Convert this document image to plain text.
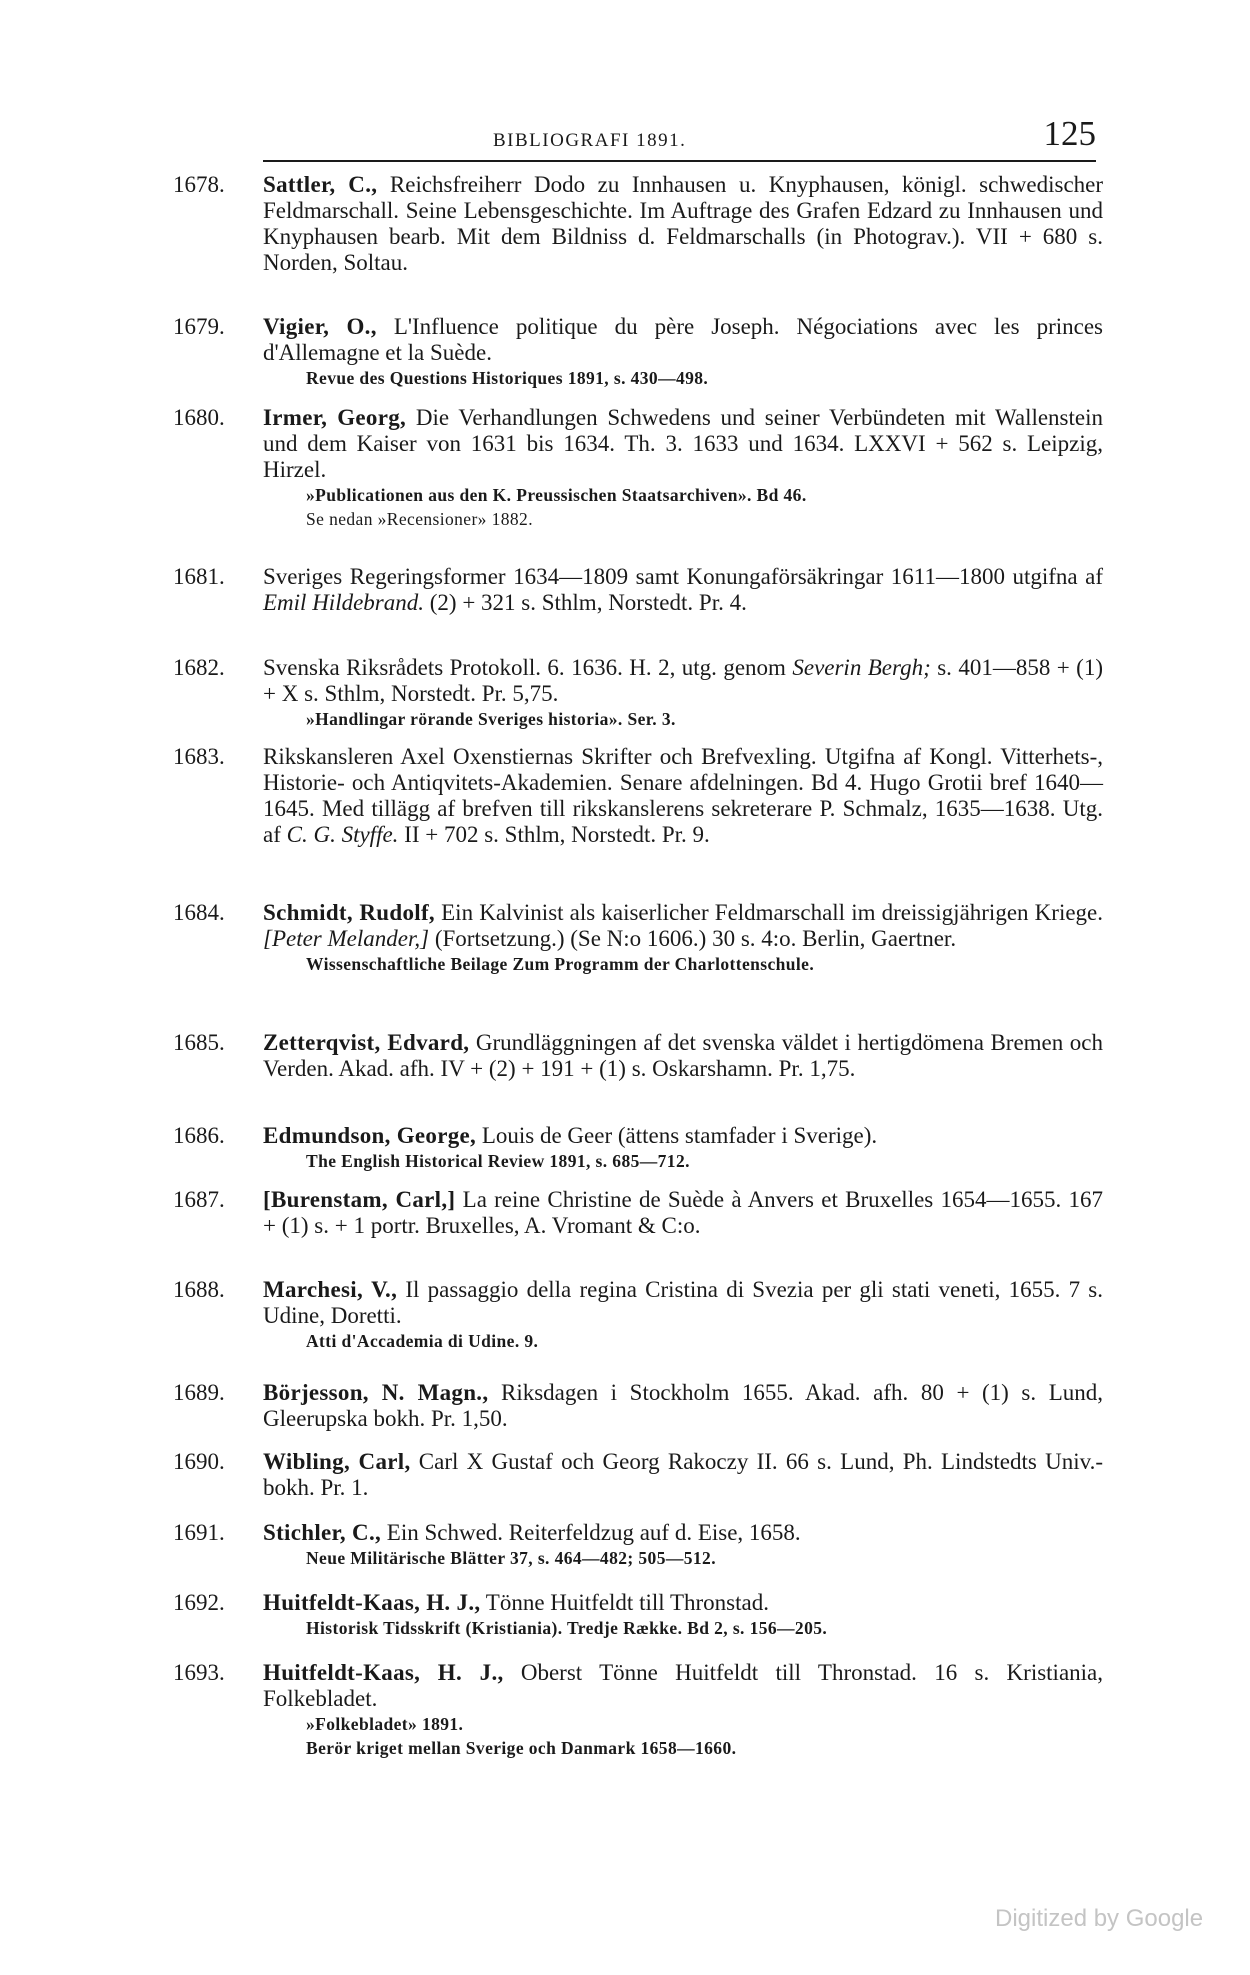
BIBLIOGRAFI 1891.	125
1678.	Sattler, C., Reichsfreiherr Dodo zu Innhausen u. Knyphausen, königl. schwedischer Feldmarschall. Seine Lebensgeschichte. Im Auftrage des Grafen Edzard zu Innhausen und Knyphausen bearb. Mit dem Bildniss d. Feldmarschalls (in Photograv.). VII + 680 s. Norden, Soltau.
1679.	Vigier, O., L'Influence politique du père Joseph. Négociations avec les princes d'Allemagne et la Suède.
Revue des Questions Historiques 1891, s. 430—498.
1680.	Irmer, Georg, Die Verhandlungen Schwedens und seiner Verbündeten mit Wallenstein und dem Kaiser von 1631 bis 1634. Th. 3. 1633 und 1634. LXXVI + 562 s. Leipzig, Hirzel.
»Publicationen aus den K. Preussischen Staatsarchiven». Bd 46.
Se nedan »Recensioner» 1882.
1681.	Sveriges Regeringsformer 1634—1809 samt Konungaförsäkringar 1611—1800 utgifna af Emil Hildebrand. (2) + 321 s. Sthlm, Norstedt. Pr. 4.
1682.	Svenska Riksrådets Protokoll. 6. 1636. H. 2, utg. genom Severin Bergh; s. 401—858 + (1) + X s. Sthlm, Norstedt. Pr. 5,75.
»Handlingar rörande Sveriges historia». Ser. 3.
1683.	Rikskansleren Axel Oxenstiernas Skrifter och Brefvexling. Utgifna af Kongl. Vitterhets-, Historie- och Antiqvitets-Akademien. Senare afdelningen. Bd 4. Hugo Grotii bref 1640—1645. Med tillägg af brefven till rikskanslerens sekreterare P. Schmalz, 1635—1638. Utg. af C. G. Styffe. II + 702 s. Sthlm, Norstedt. Pr. 9.
1684.	Schmidt, Rudolf, Ein Kalvinist als kaiserlicher Feldmarschall im dreissigjährigen Kriege. [Peter Melander,] (Fortsetzung.) (Se N:o 1606.) 30 s. 4:o. Berlin, Gaertner.
Wissenschaftliche Beilage Zum Programm der Charlottenschule.
1685.	Zetterqvist, Edvard, Grundläggningen af det svenska väldet i hertigdömena Bremen och Verden. Akad. afh. IV + (2) + 191 + (1) s. Oskarshamn. Pr. 1,75.
1686.	Edmundson, George, Louis de Geer (ättens stamfader i Sverige).
The English Historical Review 1891, s. 685—712.
1687.	[Burenstam, Carl,] La reine Christine de Suède à Anvers et Bruxelles 1654—1655. 167 + (1) s. + 1 portr. Bruxelles, A. Vromant & C:o.
1688.	Marchesi, V., Il passaggio della regina Cristina di Svezia per gli stati veneti, 1655. 7 s. Udine, Doretti.
Atti d'Accademia di Udine. 9.
1689.	Börjesson, N. Magn., Riksdagen i Stockholm 1655. Akad. afh. 80 + (1) s. Lund, Gleerupska bokh. Pr. 1,50.
1690.	Wibling, Carl, Carl X Gustaf och Georg Rakoczy II. 66 s. Lund, Ph. Lindstedts Univ.-bokh. Pr. 1.
1691.	Stichler, C., Ein Schwed. Reiterfeldzug auf d. Eise, 1658.
Neue Militärische Blätter 37, s. 464—482; 505—512.
1692.	Huitfeldt-Kaas, H. J., Tönne Huitfeldt till Thronstad.
Historisk Tidsskrift (Kristiania). Tredje Række. Bd 2, s. 156—205.
1693.	Huitfeldt-Kaas, H. J., Oberst Tönne Huitfeldt till Thronstad. 16 s. Kristiania, Folkebladet.
»Folkebladet» 1891.
Berör kriget mellan Sverige och Danmark 1658—1660.
Digitized by Google
